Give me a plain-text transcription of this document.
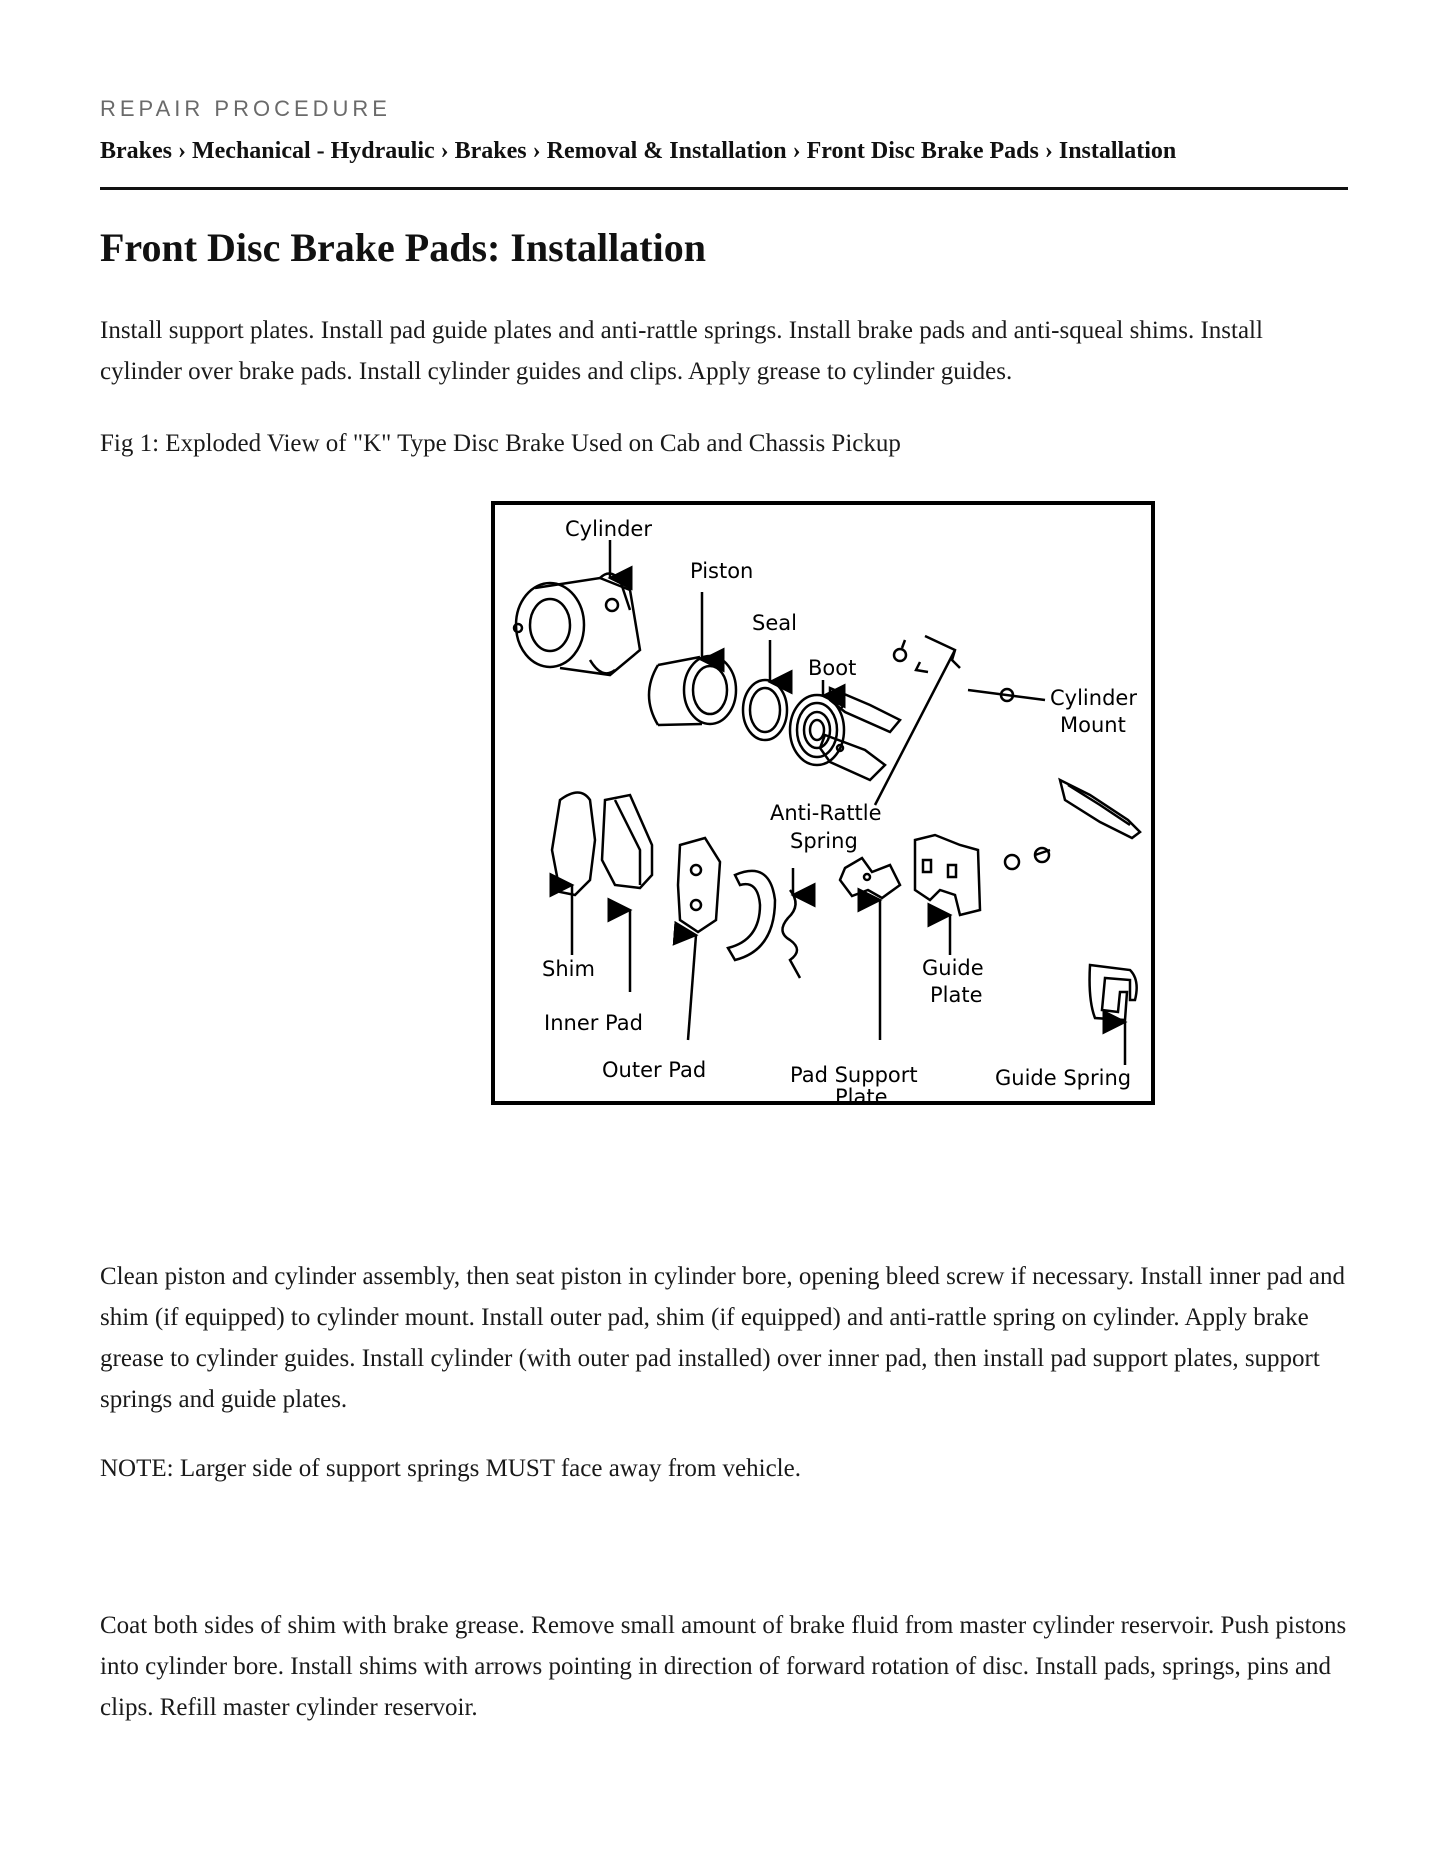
REPAIR PROCEDURE
Brakes › Mechanical - Hydraulic › Brakes › Removal & Installation › Front Disc Brake Pads › Installation
Front Disc Brake Pads: Installation

Install support plates. Install pad guide plates and anti-rattle springs. Install brake pads and anti-squeal shims. Install cylinder over brake pads. Install cylinder guides and clips. Apply grease to cylinder guides.

Fig 1: Exploded View of "K" Type Disc Brake Used on Cab and Chassis Pickup

Cylinder
Piston
Seal
Boot
Cylinder
Mount
Anti-Rattle
Spring
Shim
Inner Pad
Outer Pad	Pad Support
Plate
Guide
Plate
Guide Spring

Clean piston and cylinder assembly, then seat piston in cylinder bore, opening bleed screw if necessary. Install inner pad and shim (if equipped) to cylinder mount. Install outer pad, shim (if equipped) and anti-rattle spring on cylinder. Apply brake grease to cylinder guides. Install cylinder (with outer pad installed) over inner pad, then install pad support plates, support springs and guide plates.

NOTE: Larger side of support springs MUST face away from vehicle.

Coat both sides of shim with brake grease. Remove small amount of brake fluid from master cylinder reservoir. Push pistons into cylinder bore. Install shims with arrows pointing in direction of forward rotation of disc. Install pads, springs, pins and clips. Refill master cylinder reservoir.
